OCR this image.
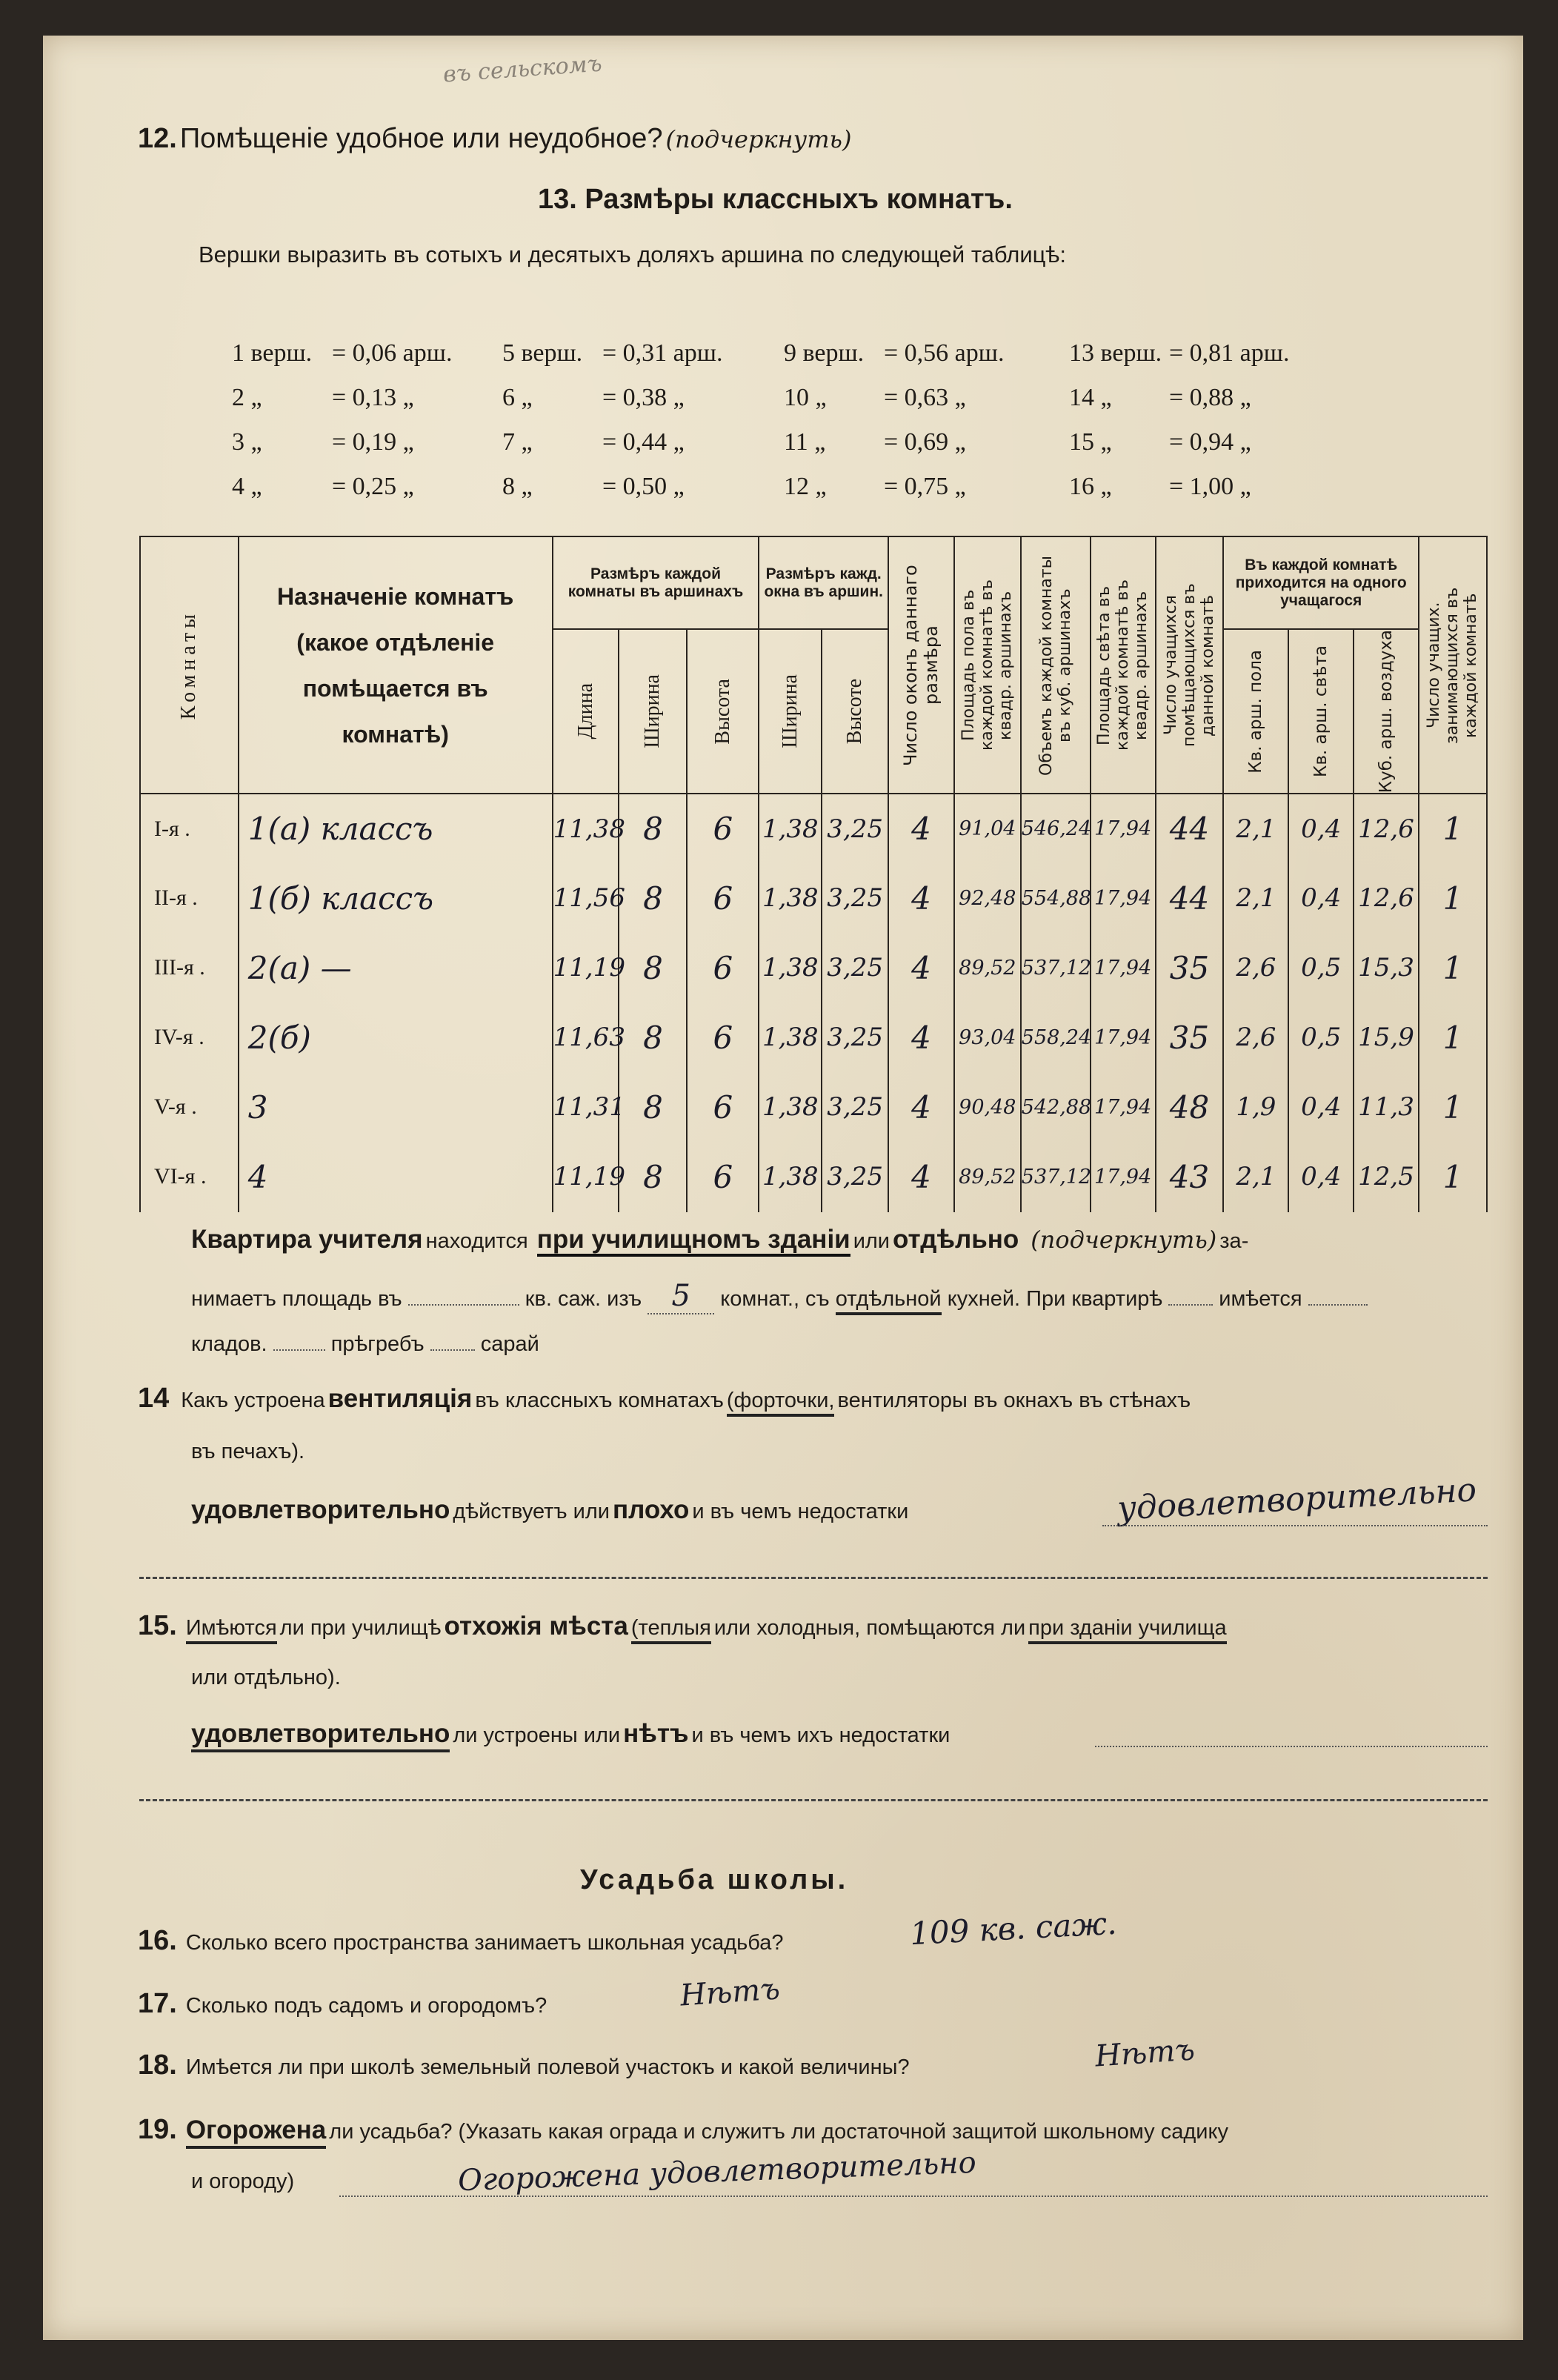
въ сельскомъ
12. Помѣщеніе удобное или неудобное? (подчеркнуть)
13. Размѣры классныхъ комнатъ.
Вершки выразить въ сотыхъ и десятыхъ доляхъ аршина по следующей таблицѣ:
1 верш. = 0,06 арш. 5 верш. = 0,31 арш. 9 верш. = 0,56 арш.	13 верш. = 0,81 арш.
2 „	= 0,13 „	6 „	= 0,38 „	10 „ = 0,63 „	14 „ = 0,88 „
3 „	= 0,19 „	7 „	= 0,44 „	11 „ = 0,69 „	15 „ = 0,94 „
4 „	= 0,25 „	8 „	= 0,50 „	12 „ = 0,75 „	16 „ = 1,00 „
Комнаты	Назначеніе комнатъ (какое отдѣленіе помѣщается въ комнатѣ)	Размѣръ каждой комнаты въ аршинахъ			Размѣръ кажд. окна въ аршин.		Число оконъ даннаго размѣра	Площадь пола въ каждой комнатѣ въ квадр. аршинахъ	Объемъ каждой комнаты въ куб. аршинахъ	Площадь свѣта въ каждой комнатѣ въ квадр. аршинахъ	Число учащихся помѣщающихся въ данной комнатѣ	Въ каждой комнатѣ приходится на одного учащагося			Число учащих. занимающихся въ каждой комнатѣ

		Длина	Ширина	Высота	Ширина	Высоте						Кв. арш. пола	Кв. арш. свѣта	Куб. арш. воздуха	

I-я .	1(а) классъ	11,38	8	6	1,38	3,25	4	91,04	546,24	17,94	44	2,1	0,4	12,6	1
II-я .	1(б) классъ	11,56	8	6	1,38	3,25	4	92,48	554,88	17,94	44	2,1	0,4	12,6	1
III-я .	2(а) —	11,19	8	6	1,38	3,25	4	89,52	537,12	17,94	35	2,6	0,5	15,3	1
IV-я .	2(б)	11,63	8	6	1,38	3,25	4	93,04	558,24	17,94	35	2,6	0,5	15,9	1
V-я .	3	11,31	8	6	1,38	3,25	4	90,48	542,88	17,94	48	1,9	0,4	11,3	1
VI-я .	4	11,19	8	6	1,38	3,25	4	89,52	537,12	17,94	43	2,1	0,4	12,5	1

Квартира учителя находится при училищномъ зданіи или отдѣльно (подчеркнуть) за-
нимаетъ площадь въ	кв. саж. изъ 5 комнат., съ отдѣльной кухней. При квартирѣ	имѣется
кладов.	прѣгребъ	сарай
14 Какъ устроена вентиляція въ классныхъ комнатахъ (форточки, вентиляторы въ окнахъ въ стѣнахъ
въ печахъ).
удовлетворительно дѣйствуетъ или плохо и въ чемъ недостатки	удовлетворительно
15. Имѣются ли при училищѣ отхожія мѣста (теплыя или холодныя, помѣщаются ли при зданіи училища
или отдѣльно).
удовлетворительно ли устроены или нѣтъ и въ чемъ ихъ недостатки
Усадьба школы.
16. Сколько всего пространства занимаетъ школьная усадьба?	109 кв. саж.
17. Сколько подъ садомъ и огородомъ?	Нѣтъ
18. Имѣется ли при школѣ земельный полевой участокъ и какой величины?	Нѣтъ
19. Огорожена ли усадьба? (Указать какая ограда и служитъ ли достаточной защитой школьному садику
и огороду)	Огорожена удовлетворительно
